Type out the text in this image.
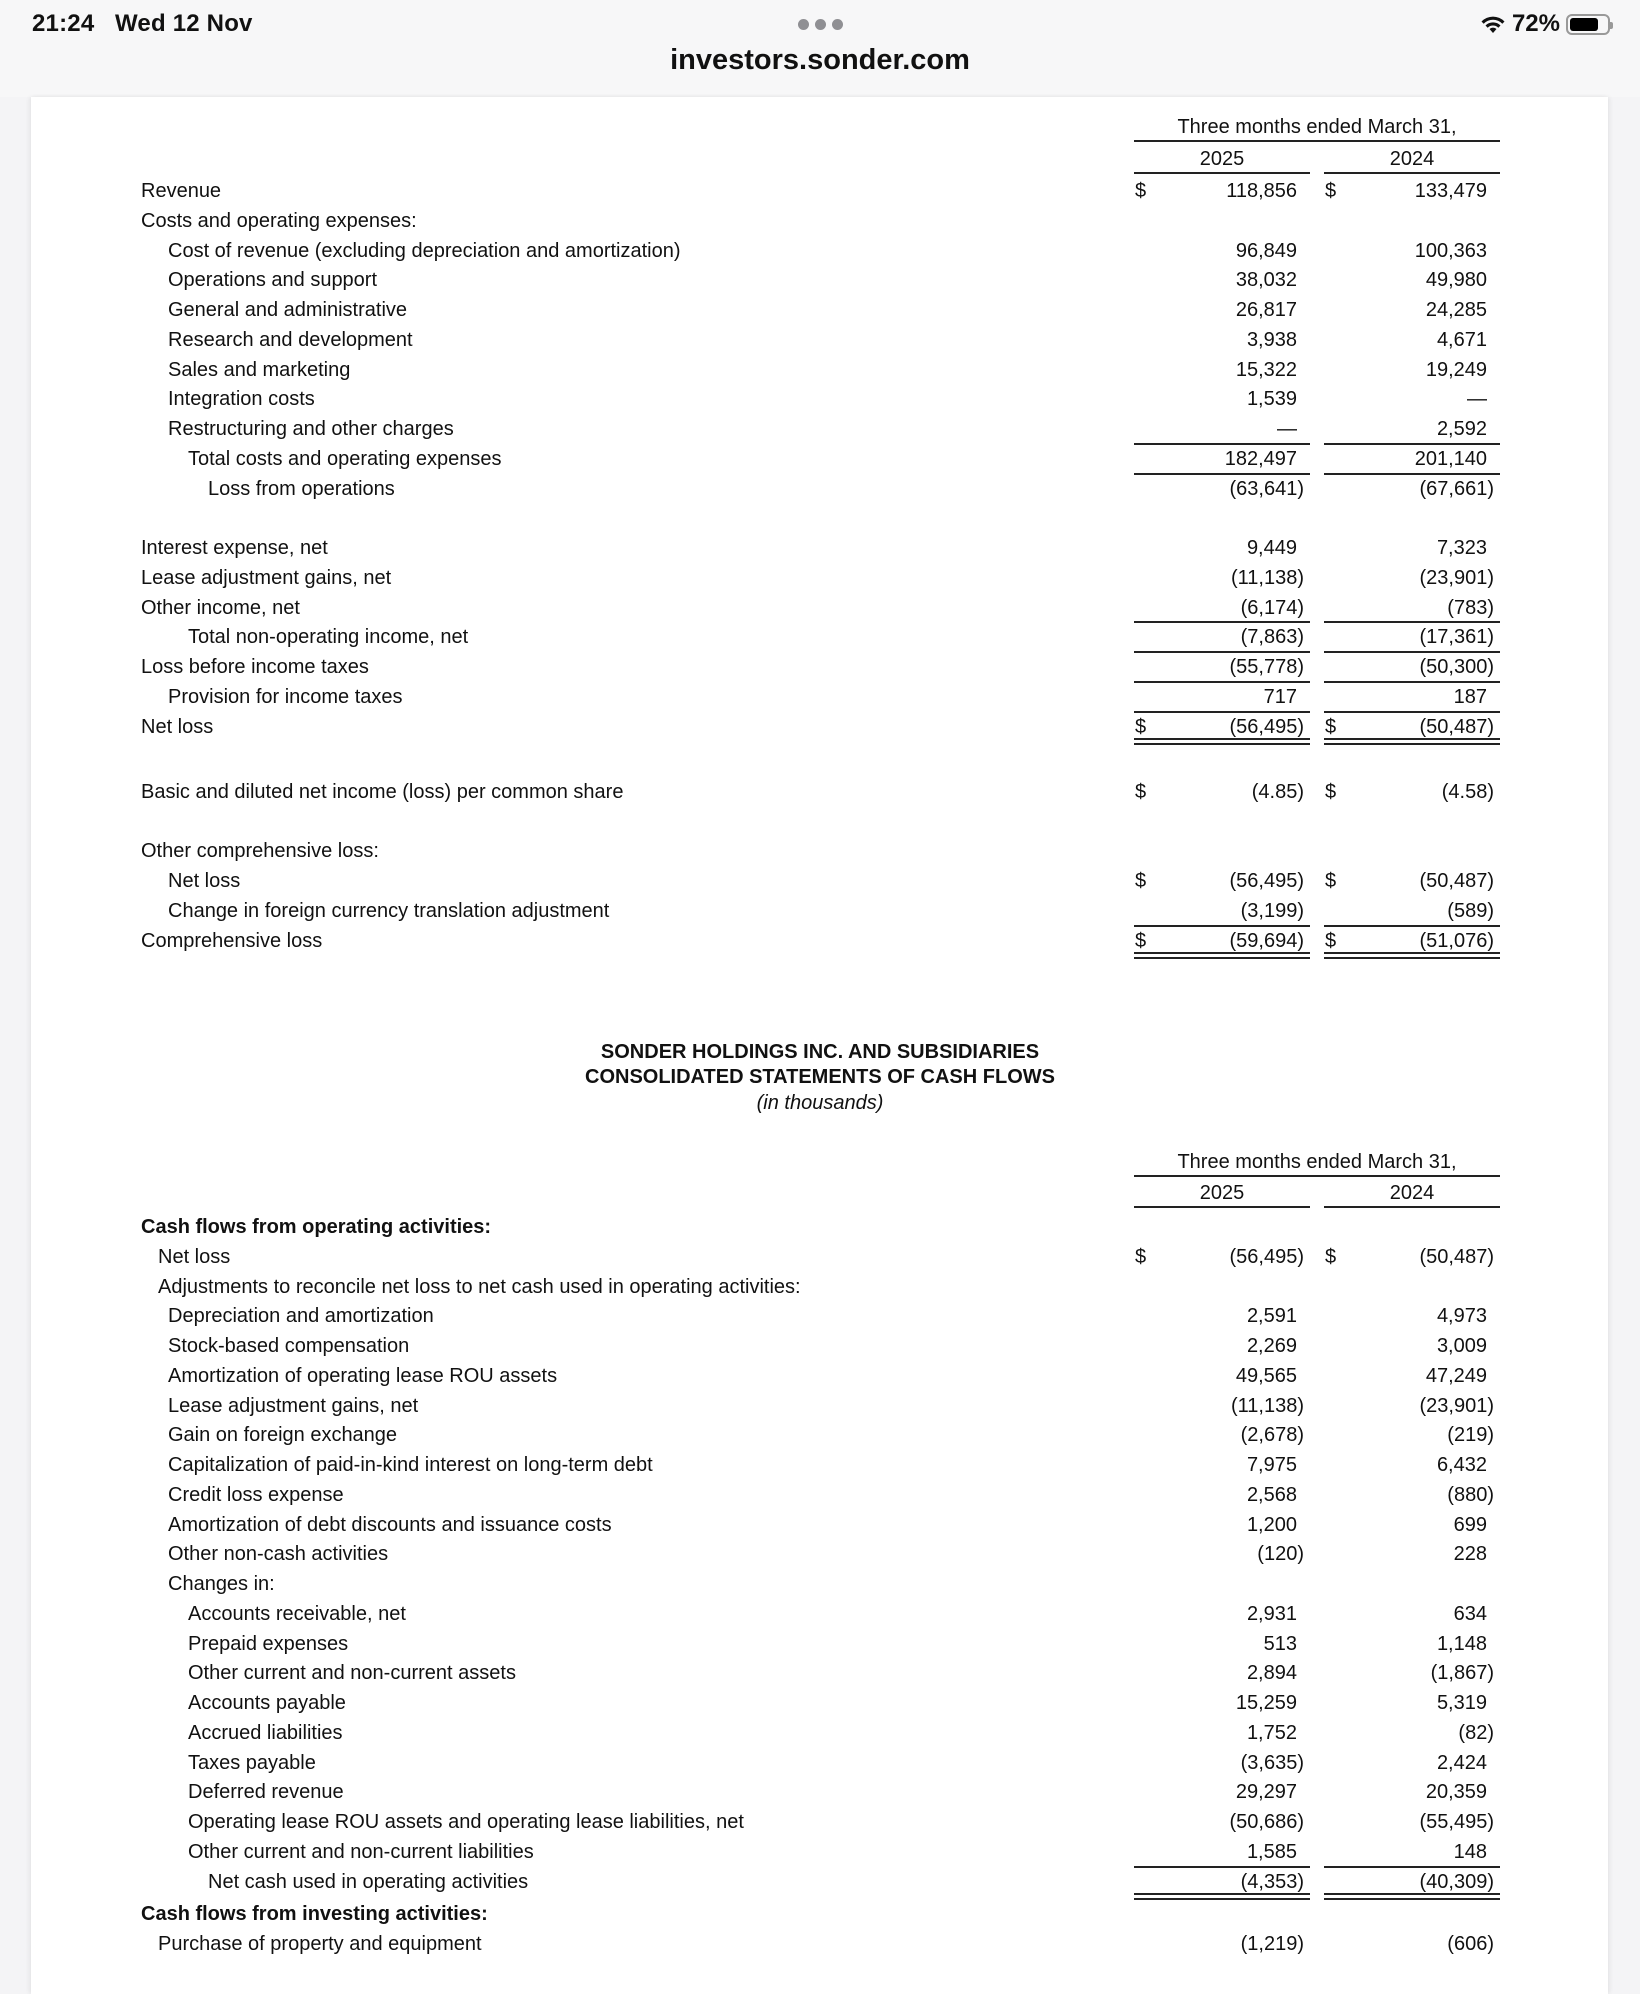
21:24 Wed 12 Nov
investors.sonder.com
72%
Three months ended March 31,
2025	2024
Revenue	$	118,856 $	133,479
Costs and operating expenses:
Cost of revenue (excluding depreciation and amortization)	96,849	100,363
Operations and support	38,032	49,980
General and administrative	26,817	24,285
Research and development	3,938	4,671
Sales and marketing	15,322	19,249
Integration costs	1,539	—
Restructuring and other charges	—	2,592
Total costs and operating expenses	182,497	201,140
Loss from operations	(63,641)	(67,661)
Interest expense, net	9,449	7,323
Lease adjustment gains, net	(11,138)	(23,901)
Other income, net	(6,174)	(783)
Total non-operating income, net	(7,863)	(17,361)
Loss before income taxes	(55,778)	(50,300)
Provision for income taxes	717	187
Net loss	$	(56,495) $	(50,487)
Basic and diluted net income (loss) per common share	$	(4.85) $	(4.58)
Other comprehensive loss:
Net loss	$	(56,495) $	(50,487)
Change in foreign currency translation adjustment	(3,199)	(589)
Comprehensive loss	$	(59,694) $	(51,076)
SONDER HOLDINGS INC. AND SUBSIDIARIES
CONSOLIDATED STATEMENTS OF CASH FLOWS
(in thousands)
Three months ended March 31,
2025	2024
Cash flows from operating activities:
Net loss	$	(56,495) $	(50,487)
Adjustments to reconcile net loss to net cash used in operating activities:
Depreciation and amortization	2,591	4,973
Stock-based compensation	2,269	3,009
Amortization of operating lease ROU assets	49,565	47,249
Lease adjustment gains, net	(11,138)	(23,901)
Gain on foreign exchange	(2,678)	(219)
Capitalization of paid-in-kind interest on long-term debt	7,975	6,432
Credit loss expense	2,568	(880)
Amortization of debt discounts and issuance costs	1,200	699
Other non-cash activities	(120)	228
Changes in:
Accounts receivable, net	2,931	634
Prepaid expenses	513	1,148
Other current and non-current assets	2,894	(1,867)
Accounts payable	15,259	5,319
Accrued liabilities	1,752	(82)
Taxes payable	(3,635)	2,424
Deferred revenue	29,297	20,359
Operating lease ROU assets and operating lease liabilities, net	(50,686)	(55,495)
Other current and non-current liabilities	1,585	148
Net cash used in operating activities	(4,353)	(40,309)
Cash flows from investing activities:
Purchase of property and equipment	(1,219)	(606)
